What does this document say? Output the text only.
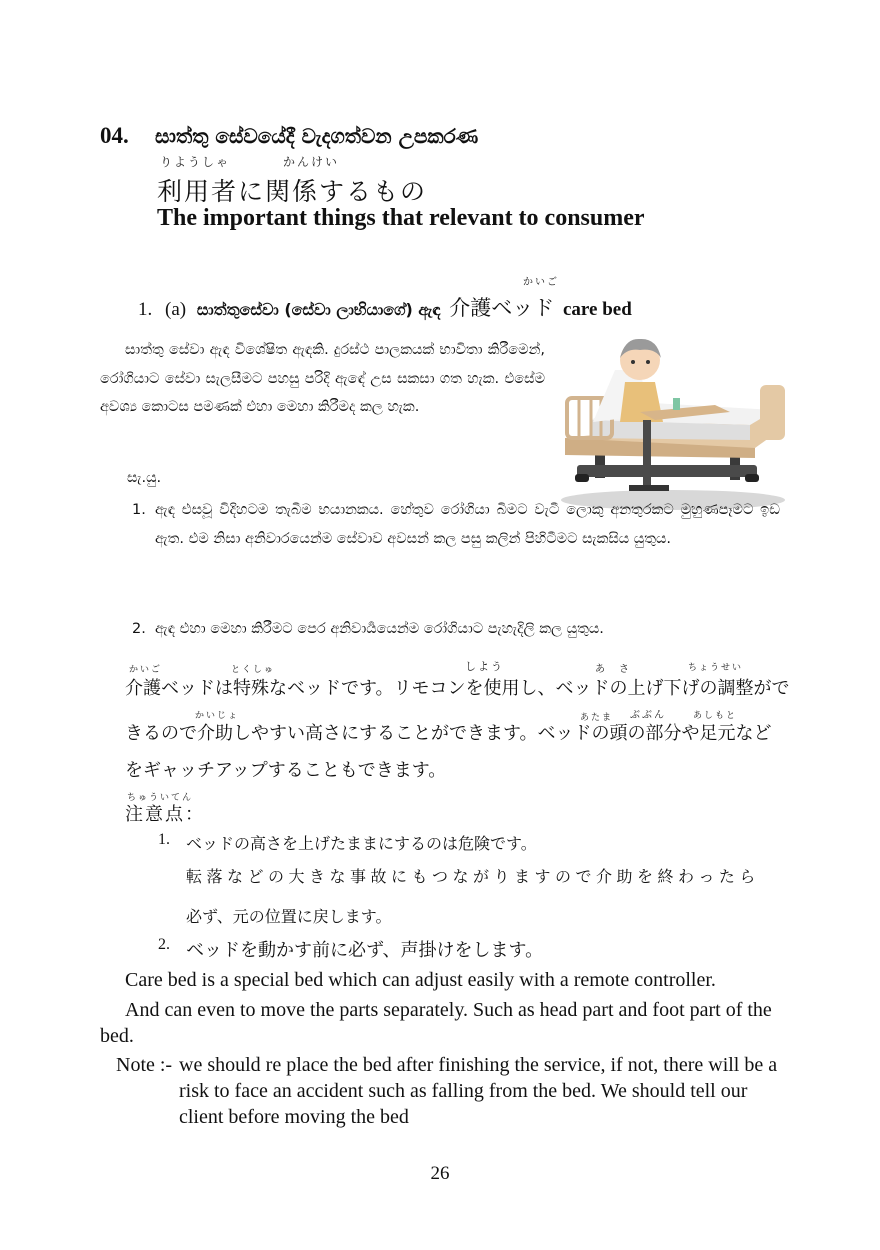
04. සාත්තු සේවයේදී වැදගත්වන උපකරණ
りようしゃ	かんけい
利用者に関係するもの
The important things that relevant to consumer
かいご
1. (a) සාත්තුසේවා (සේවා ලාභියාගේ) ඇඳ 介護ベッド care bed
සාත්තු සේවා ඇඳ විශේෂිත ඇඳකි. දුරස්ථ පාලකයක් භාවිතා කිරීමෙන්, රෝගියාට සේවා සැලසීමට පහසු පරිදි ඇඳේ උස සකසා ගත හැක. එසේම අවශ්‍ය කොටස පමණක් එහා මෙහා කිරීමද කල හැක.
සැ.යු.
1. ඇඳ එසවූ විදිහටම තැබීම භයානකය. හේතුව රෝගියා බිමට වැටී ලොකු අනතුරකට මුහුණපෑමට ඉඩ ඇත. එම නිසා අනිවාරයෙන්ම සේවාව අවසන් කල පසු කලින් පිහිටීමට සැකසිය යුතුය.
2. ඇඳ එහා මෙහා කිරීමට පෙර අනිවාර්‍යයෙන්ම රෝගියාට පැහැදිලි කල යුතුය.
かいご	とくしゅ	しよう	あ　さ	ちょうせい
介護ベッドは特殊なベッドです。リモコンを使用し、ベッドの上げ下げの調整がで
かいじょ	あたま ぶぶん	あしもと
きるので介助しやすい高さにすることができます。ベッドの頭の部分や足元など
をギャッチアップすることもできます。
ちゅういてん
注意点：
1. ベッドの高さを上げたままにするのは危険です。
転落などの大きな事故にもつながりますので介助を終わったら
必ず、元の位置に戻します。
2. ベッドを動かす前に必ず、声掛けをします。
Care bed is a special bed which can adjust easily with a remote controller.
And can even to move the parts separately. Such as head part and foot part of the bed.
Note :- we should re place the bed after finishing the service, if not, there will be a risk to face an accident such as falling from the bed. We should tell our client before moving the bed
26
